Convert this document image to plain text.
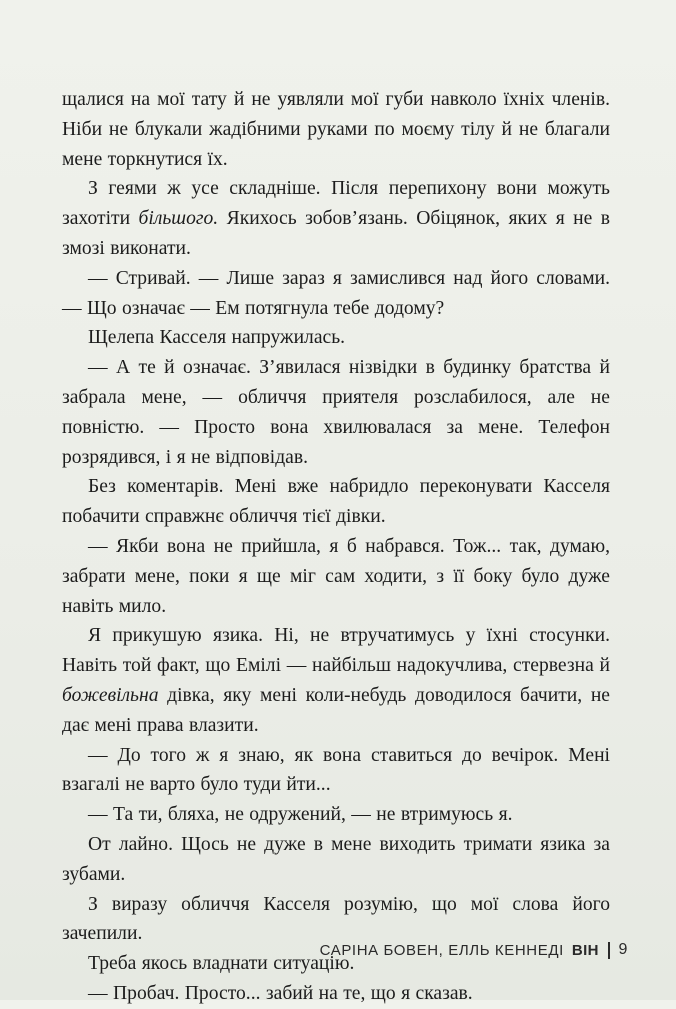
щалися на мої тату й не уявляли мої губи навколо їхніх членів. Ніби не блукали жадібними руками по моєму тілу й не благали мене торкнутися їх.

З геями ж усе складніше. Після перепихону вони можуть захотіти більшого. Якихось зобов’язань. Обіцянок, яких я не в змозі виконати.

— Стривай. — Лише зараз я замислився над його словами. — Що означає — Ем потягнула тебе додому?

Щелепа Касселя напружилась.

— А те й означає. З’явилася нізвідки в будинку братства й забрала мене, — обличчя приятеля розслабилося, але не повністю. — Просто вона хвилювалася за мене. Телефон розрядився, і я не відповідав.

Без коментарів. Мені вже набридло переконувати Касселя побачити справжнє обличчя тієї дівки.

— Якби вона не прийшла, я б набрався. Тож... так, думаю, забрати мене, поки я ще міг сам ходити, з її боку було дуже навіть мило.

Я прикушую язика. Ні, не втручатимусь у їхні стосунки. Навіть той факт, що Емілі — найбільш надокучлива, стервезна й божевільна дівка, яку мені коли-небудь доводилося бачити, не дає мені права влазити.

— До того ж я знаю, як вона ставиться до вечірок. Мені взагалі не варто було туди йти...

— Та ти, бляха, не одружений, — не втримуюсь я.

От лайно. Щось не дуже в мене виходить тримати язика за зубами.

З виразу обличчя Касселя розумію, що мої слова його зачепили.

Треба якось владнати ситуацію.

— Пробач. Просто... забий на те, що я сказав.

САРІНА БОВЕН, ЕЛЛЬ КЕННЕДІ ВІН 9
